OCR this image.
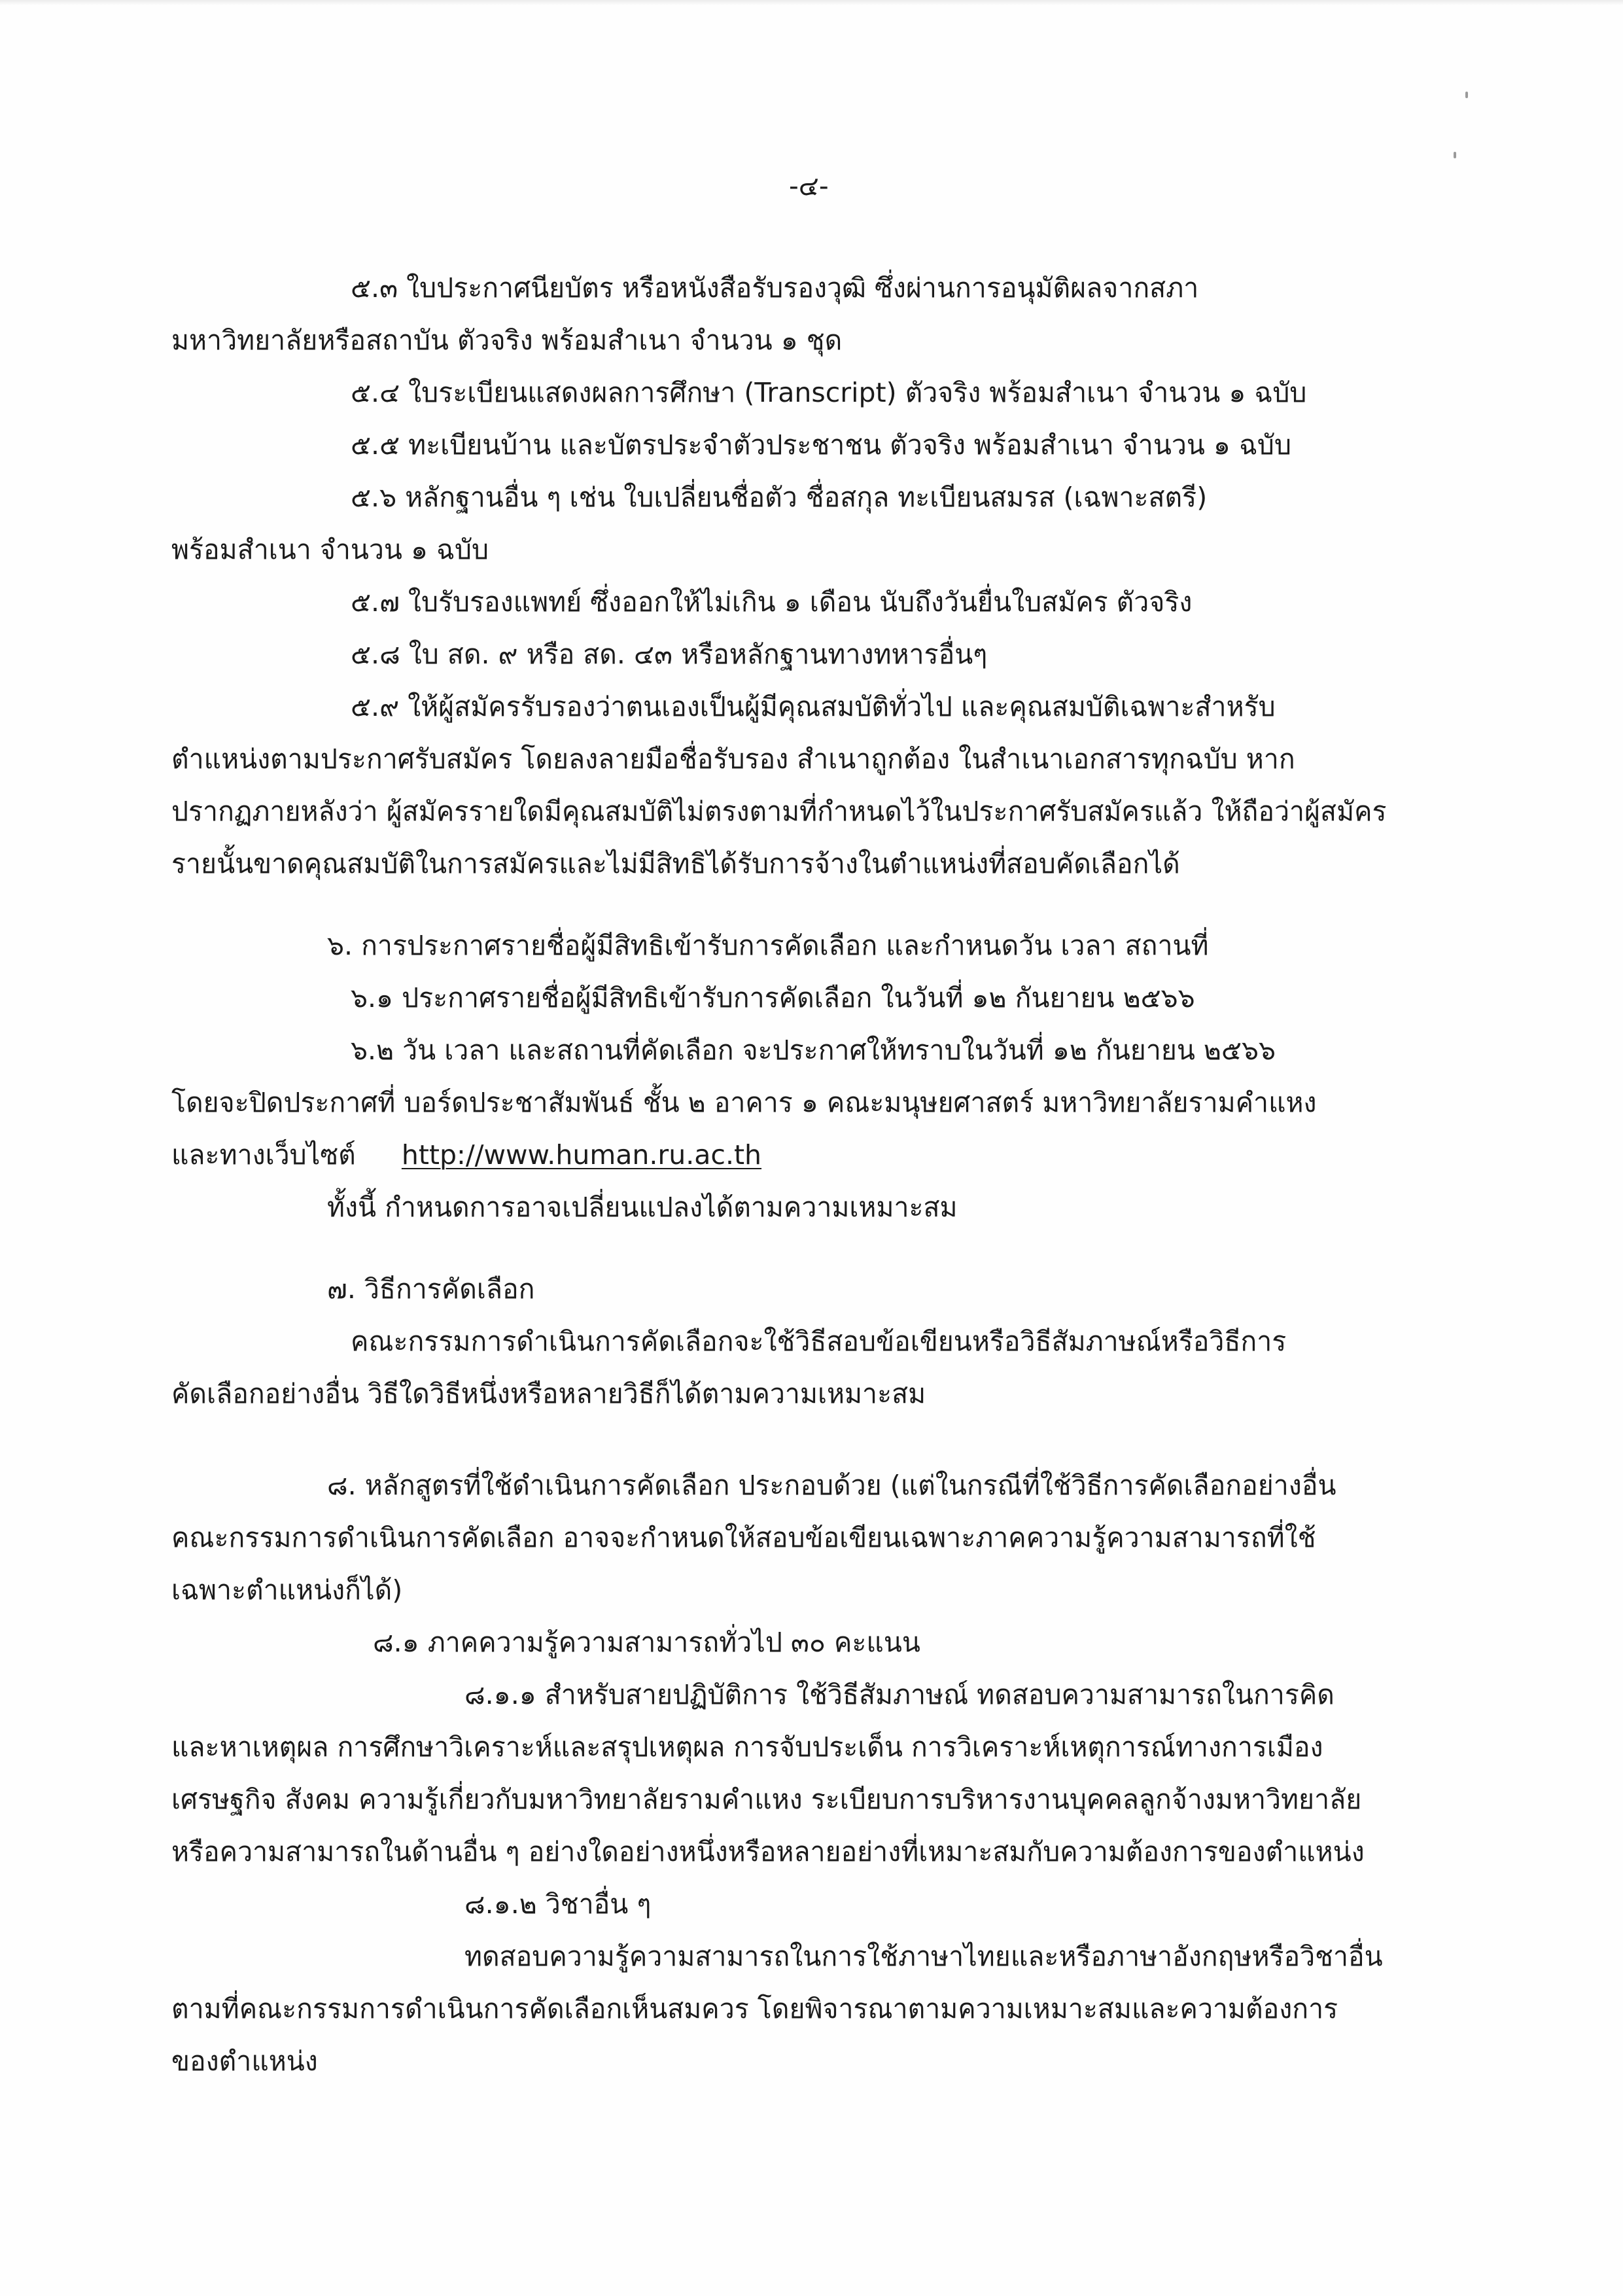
-๔-
๕.๓ ใบประกาศนียบัตร หรือหนังสือรับรองวุฒิ ซึ่งผ่านการอนุมัติผลจากสภา
มหาวิทยาลัยหรือสถาบัน ตัวจริง พร้อมสำเนา จำนวน ๑ ชุด
๕.๔ ใบระเบียนแสดงผลการศึกษา (Transcript) ตัวจริง พร้อมสำเนา จำนวน ๑ ฉบับ
๕.๕ ทะเบียนบ้าน และบัตรประจำตัวประชาชน ตัวจริง พร้อมสำเนา จำนวน ๑ ฉบับ
๕.๖ หลักฐานอื่น ๆ เช่น ใบเปลี่ยนชื่อตัว ชื่อสกุล ทะเบียนสมรส (เฉพาะสตรี)
พร้อมสำเนา จำนวน ๑ ฉบับ
๕.๗ ใบรับรองแพทย์ ซึ่งออกให้ไม่เกิน ๑ เดือน นับถึงวันยื่นใบสมัคร ตัวจริง
๕.๘ ใบ สด. ๙ หรือ สด. ๔๓ หรือหลักฐานทางทหารอื่นๆ
๕.๙ ให้ผู้สมัครรับรองว่าตนเองเป็นผู้มีคุณสมบัติทั่วไป และคุณสมบัติเฉพาะสำหรับ
ตำแหน่งตามประกาศรับสมัคร โดยลงลายมือชื่อรับรอง สำเนาถูกต้อง ในสำเนาเอกสารทุกฉบับ หาก
ปรากฏภายหลังว่า ผู้สมัครรายใดมีคุณสมบัติไม่ตรงตามที่กำหนดไว้ในประกาศรับสมัครแล้ว ให้ถือว่าผู้สมัคร
รายนั้นขาดคุณสมบัติในการสมัครและไม่มีสิทธิได้รับการจ้างในตำแหน่งที่สอบคัดเลือกได้
๖. การประกาศรายชื่อผู้มีสิทธิเข้ารับการคัดเลือก และกำหนดวัน เวลา สถานที่
๖.๑ ประกาศรายชื่อผู้มีสิทธิเข้ารับการคัดเลือก ในวันที่ ๑๒ กันยายน ๒๕๖๖
๖.๒ วัน เวลา และสถานที่คัดเลือก จะประกาศให้ทราบในวันที่ ๑๒ กันยายน ๒๕๖๖
โดยจะปิดประกาศที่ บอร์ดประชาสัมพันธ์ ชั้น ๒ อาคาร ๑ คณะมนุษยศาสตร์ มหาวิทยาลัยรามคำแหง
และทางเว็บไซต์ http://www.human.ru.ac.th
ทั้งนี้ กำหนดการอาจเปลี่ยนแปลงได้ตามความเหมาะสม
๗. วิธีการคัดเลือก
คณะกรรมการดำเนินการคัดเลือกจะใช้วิธีสอบข้อเขียนหรือวิธีสัมภาษณ์หรือวิธีการ
คัดเลือกอย่างอื่น วิธีใดวิธีหนึ่งหรือหลายวิธีก็ได้ตามความเหมาะสม
๘. หลักสูตรที่ใช้ดำเนินการคัดเลือก ประกอบด้วย (แต่ในกรณีที่ใช้วิธีการคัดเลือกอย่างอื่น
คณะกรรมการดำเนินการคัดเลือก อาจจะกำหนดให้สอบข้อเขียนเฉพาะภาคความรู้ความสามารถที่ใช้
เฉพาะตำแหน่งก็ได้)
๘.๑ ภาคความรู้ความสามารถทั่วไป ๓๐ คะแนน
๘.๑.๑ สำหรับสายปฏิบัติการ ใช้วิธีสัมภาษณ์ ทดสอบความสามารถในการคิด
และหาเหตุผล การศึกษาวิเคราะห์และสรุปเหตุผล การจับประเด็น การวิเคราะห์เหตุการณ์ทางการเมือง
เศรษฐกิจ สังคม ความรู้เกี่ยวกับมหาวิทยาลัยรามคำแหง ระเบียบการบริหารงานบุคคลลูกจ้างมหาวิทยาลัย
หรือความสามารถในด้านอื่น ๆ อย่างใดอย่างหนึ่งหรือหลายอย่างที่เหมาะสมกับความต้องการของตำแหน่ง
๘.๑.๒ วิชาอื่น ๆ
ทดสอบความรู้ความสามารถในการใช้ภาษาไทยและหรือภาษาอังกฤษหรือวิชาอื่น
ตามที่คณะกรรมการดำเนินการคัดเลือกเห็นสมควร โดยพิจารณาตามความเหมาะสมและความต้องการ
ของตำแหน่ง
